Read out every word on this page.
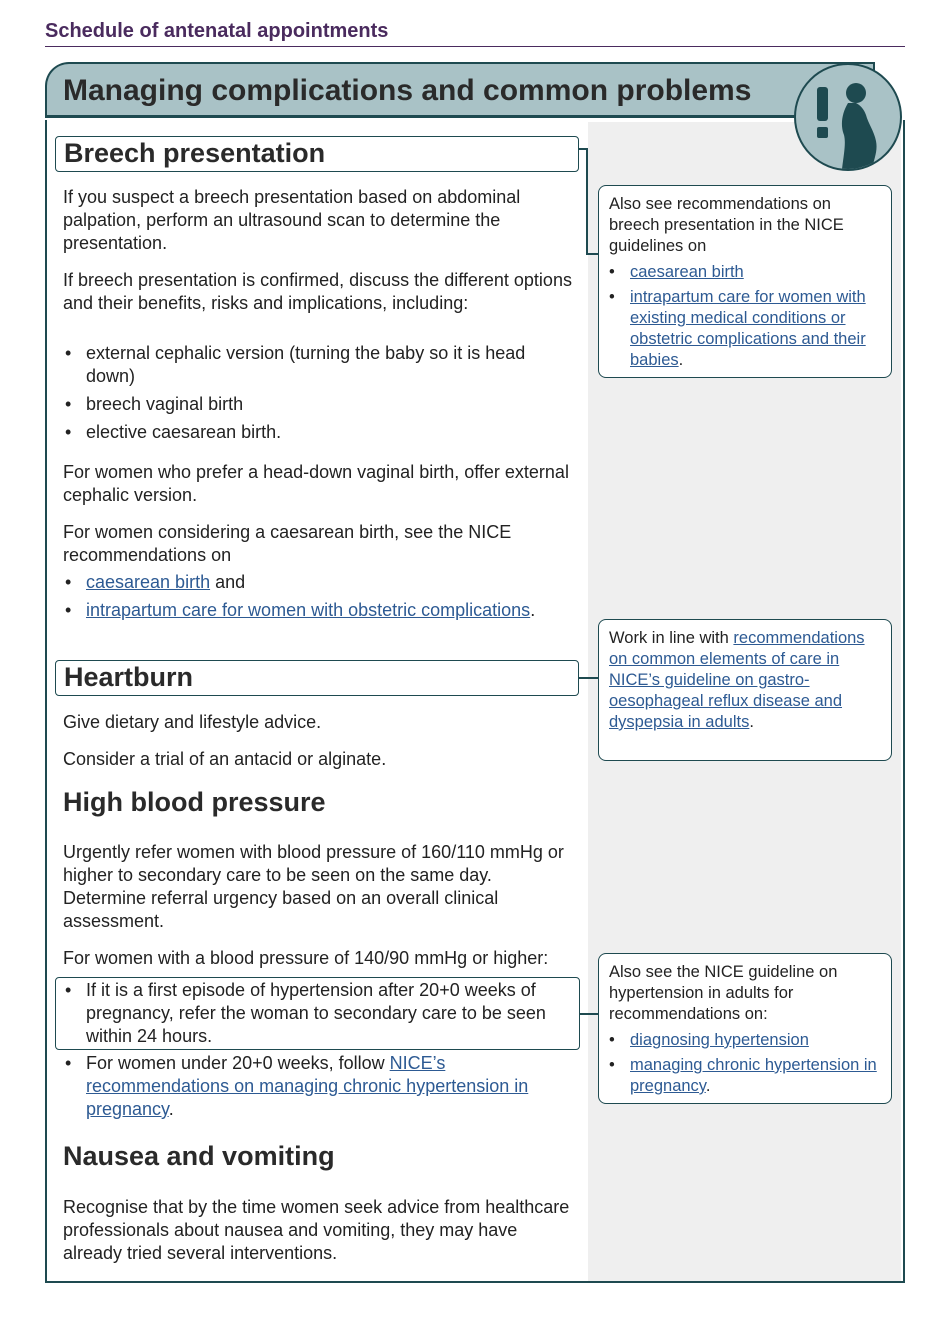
Schedule of antenatal appointments
Managing complications and common problems
Breech presentation

If you suspect a breech presentation based on abdominal palpation, perform an ultrasound scan to determine the presentation.

If breech presentation is confirmed, discuss the different options and their benefits, risks and implications, including:

• external cephalic version (turning the baby so it is head down)
• breech vaginal birth
• elective caesarean birth.

For women who prefer a head-down vaginal birth, offer external cephalic version.

For women considering a caesarean birth, see the NICE recommendations on

• caesarean birth and
• intrapartum care for women with obstetric complications.
Heartburn

Give dietary and lifestyle advice.

Consider a trial of an antacid or alginate.

High blood pressure

Urgently refer women with blood pressure of 160/110 mmHg or higher to secondary care to be seen on the same day. Determine referral urgency based on an overall clinical assessment.

For women with a blood pressure of 140/90 mmHg or higher:

• If it is a first episode of hypertension after 20+0 weeks of pregnancy, refer the woman to secondary care to be seen within 24 hours.
• For women under 20+0 weeks, follow NICE’s recommendations on managing chronic hypertension in pregnancy.
Nausea and vomiting

Recognise that by the time women seek advice from healthcare professionals about nausea and vomiting, they may have already tried several interventions.

Also see recommendations on breech presentation in the NICE guidelines on

• caesarean birth
• intrapartum care for women with existing medical conditions or obstetric complications and their babies.

Work in line with recommendations on common elements of care in NICE’s guideline on gastro-oesophageal reflux disease and dyspepsia in adults.

Also see the NICE guideline on hypertension in adults for recommendations on:

• diagnosing hypertension
• managing chronic hypertension in pregnancy.
